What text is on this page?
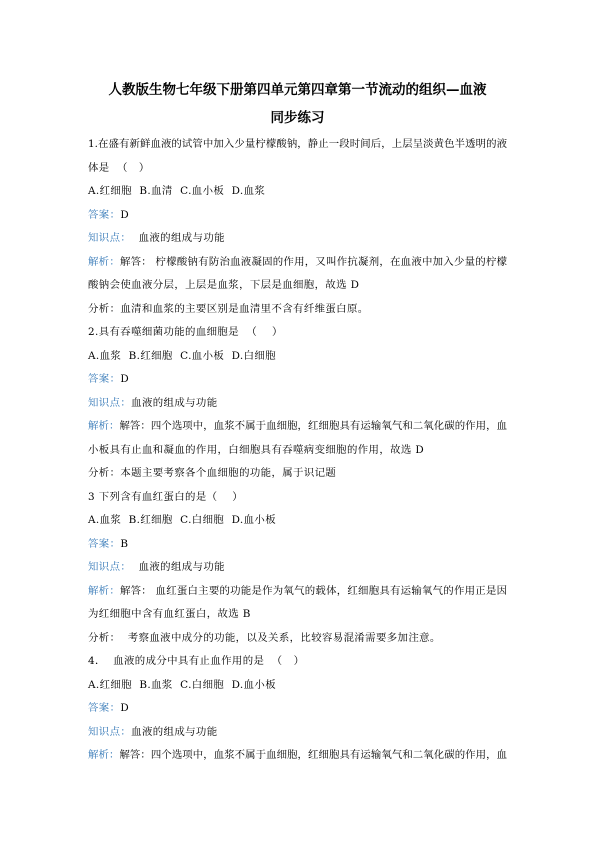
人教版生物七年级下册第四单元第四章第一节流动的组织—血液
同步练习
1.在盛有新鲜血液的试管中加入少量柠檬酸钠，静止一段时间后，上层呈淡黄色半透明的液
体是  （   ）
A.红细胞  B.血清  C.血小板  D.血浆
答案：D
知识点：  血液的组成与功能
解析：解答： 柠檬酸钠有防治血液凝固的作用，又叫作抗凝剂，在血液中加入少量的柠檬
酸钠会使血液分层，上层是血浆，下层是血细胞，故选 D
分析：血清和血浆的主要区别是血清里不含有纤维蛋白原。
2.具有吞噬细菌功能的血细胞是  （    ）
A.血浆  B.红细胞  C.血小板  D.白细胞
答案：D
知识点：血液的组成与功能
解析：解答：四个选项中，血浆不属于血细胞，红细胞具有运输氧气和二氧化碳的作用，血
小板具有止血和凝血的作用，白细胞具有吞噬病变细胞的作用，故选 D
分析：本题主要考察各个血细胞的功能，属于识记题
3 下列含有血红蛋白的是（    ）
A.血浆  B.红细胞  C.白细胞  D.血小板
答案：B
知识点：  血液的组成与功能
解析：解答： 血红蛋白主要的功能是作为氧气的载体，红细胞具有运输氧气的作用正是因
为红细胞中含有血红蛋白，故选 B
分析：  考察血液中成分的功能，以及关系，比较容易混淆需要多加注意。
4．  血液的成分中具有止血作用的是  （   ）
A.红细胞  B.血浆  C.白细胞  D.血小板
答案：D
知识点：血液的组成与功能
解析：解答：四个选项中，血浆不属于血细胞，红细胞具有运输氧气和二氧化碳的作用，血
